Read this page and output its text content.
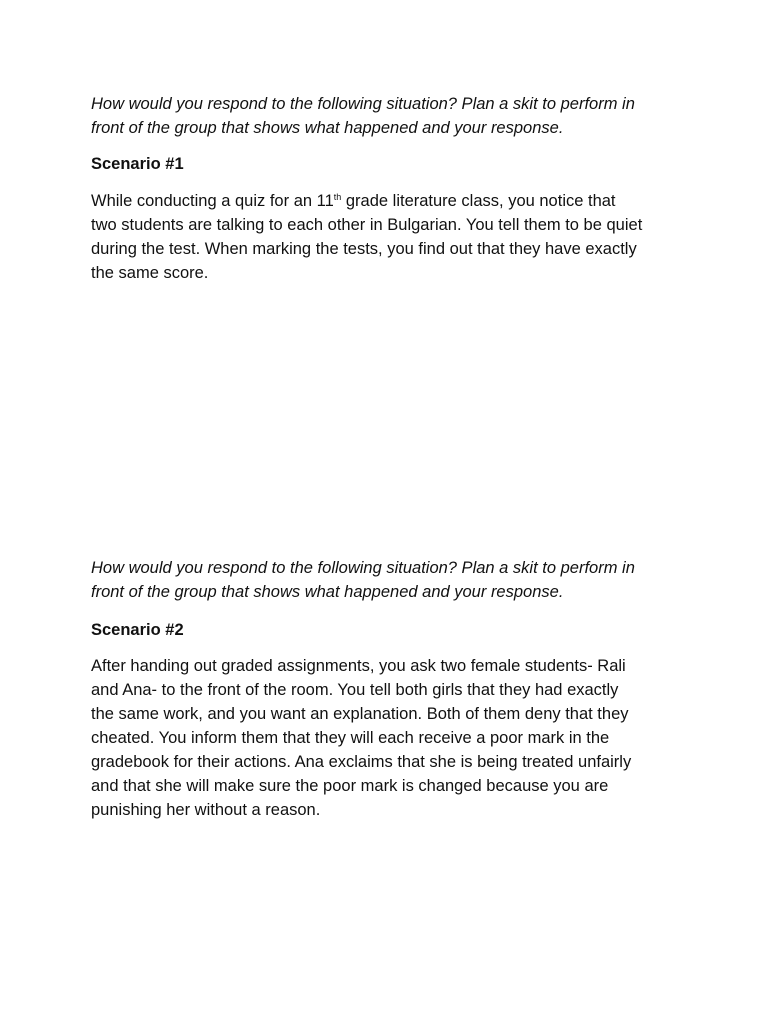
How would you respond to the following situation? Plan a skit to perform in

front of the group that shows what happened and your response.

Scenario #1

While conducting a quiz for an 11th grade literature class, you notice that

two students are talking to each other in Bulgarian. You tell them to be quiet

during the test. When marking the tests, you find out that they have exactly

the same score.

How would you respond to the following situation? Plan a skit to perform in

front of the group that shows what happened and your response.

Scenario #2

After handing out graded assignments, you ask two female students- Rali

and Ana- to the front of the room. You tell both girls that they had exactly

the same work, and you want an explanation. Both of them deny that they

cheated. You inform them that they will each receive a poor mark in the

gradebook for their actions. Ana exclaims that she is being treated unfairly

and that she will make sure the poor mark is changed because you are

punishing her without a reason.
